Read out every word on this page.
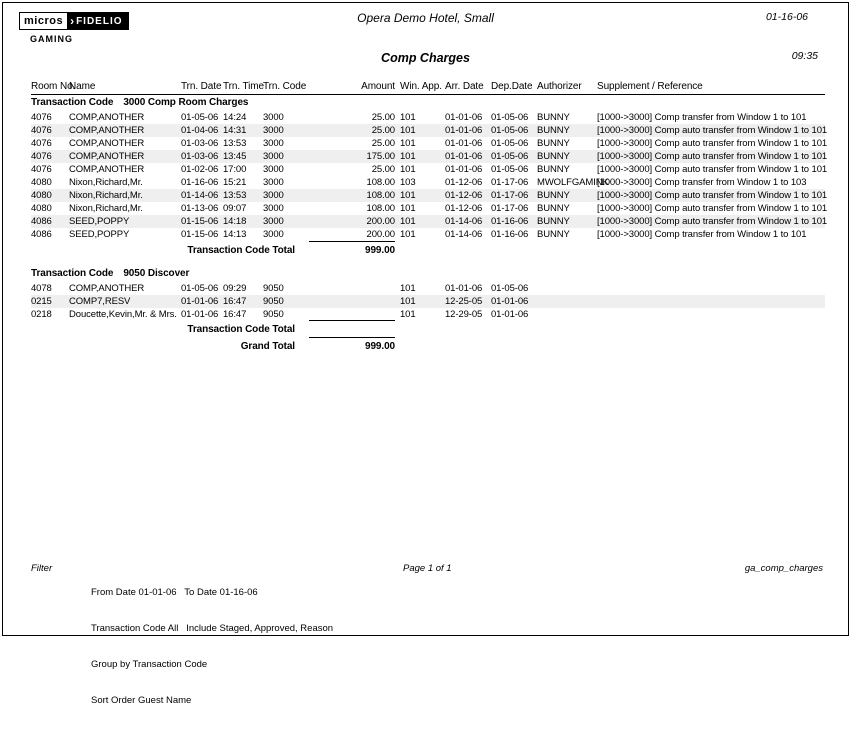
micros › FIDELIO
GAMING
Opera Demo Hotel, Small
Comp Charges
01-16-06
09:35
Room No.	Name	Trn. Date	Trn. Time	Trn. Code	Amount	Win. App.	Arr. Date	Dep.Date	Authorizer	Supplement / Reference
Transaction Code 3000 Comp Room Charges										
4076	COMP,ANOTHER	01-05-06	14:24	3000	25.00	101	01-01-06	01-05-06	BUNNY	[1000->3000] Comp transfer from Window 1 to 101
4076	COMP,ANOTHER	01-04-06	14:31	3000	25.00	101	01-01-06	01-05-06	BUNNY	[1000->3000] Comp auto transfer from Window 1 to 101
4076	COMP,ANOTHER	01-03-06	13:53	3000	25.00	101	01-01-06	01-05-06	BUNNY	[1000->3000] Comp auto transfer from Window 1 to 101
4076	COMP,ANOTHER	01-03-06	13:45	3000	175.00	101	01-01-06	01-05-06	BUNNY	[1000->3000] Comp auto transfer from Window 1 to 101
4076	COMP,ANOTHER	01-02-06	17:00	3000	25.00	101	01-01-06	01-05-06	BUNNY	[1000->3000] Comp auto transfer from Window 1 to 101
4080	Nixon,Richard,Mr.	01-16-06	15:21	3000	108.00	103	01-12-06	01-17-06	MWOLFGAMINK	[1000->3000] Comp transfer from Window 1 to 103
4080	Nixon,Richard,Mr.	01-14-06	13:53	3000	108.00	101	01-12-06	01-17-06	BUNNY	[1000->3000] Comp auto transfer from Window 1 to 101
4080	Nixon,Richard,Mr.	01-13-06	09:07	3000	108.00	101	01-12-06	01-17-06	BUNNY	[1000->3000] Comp auto transfer from Window 1 to 101
4086	SEED,POPPY	01-15-06	14:18	3000	200.00	101	01-14-06	01-16-06	BUNNY	[1000->3000] Comp auto transfer from Window 1 to 101
4086	SEED,POPPY	01-15-06	14:13	3000	200.00	101	01-14-06	01-16-06	BUNNY	[1000->3000] Comp transfer from Window 1 to 101
Transaction Code Total					999.00					

Transaction Code 9050 Discover										
4078	COMP,ANOTHER	01-05-06	09:29	9050		101	01-01-06	01-05-06		
0215	COMP7,RESV	01-01-06	16:47	9050		101	12-25-05	01-01-06		
0218	Doucette,Kevin,Mr. & Mrs.	01-01-06	16:47	9050		101	12-29-05	01-01-06		
Transaction Code Total										
Grand Total					999.00					
Filter

From Date 01-01-06   To Date 01-16-06

Transaction Code All   Include Staged, Approved, Reason

Group by Transaction Code

Sort Order Guest Name

Page 1 of 1	ga_comp_charges
